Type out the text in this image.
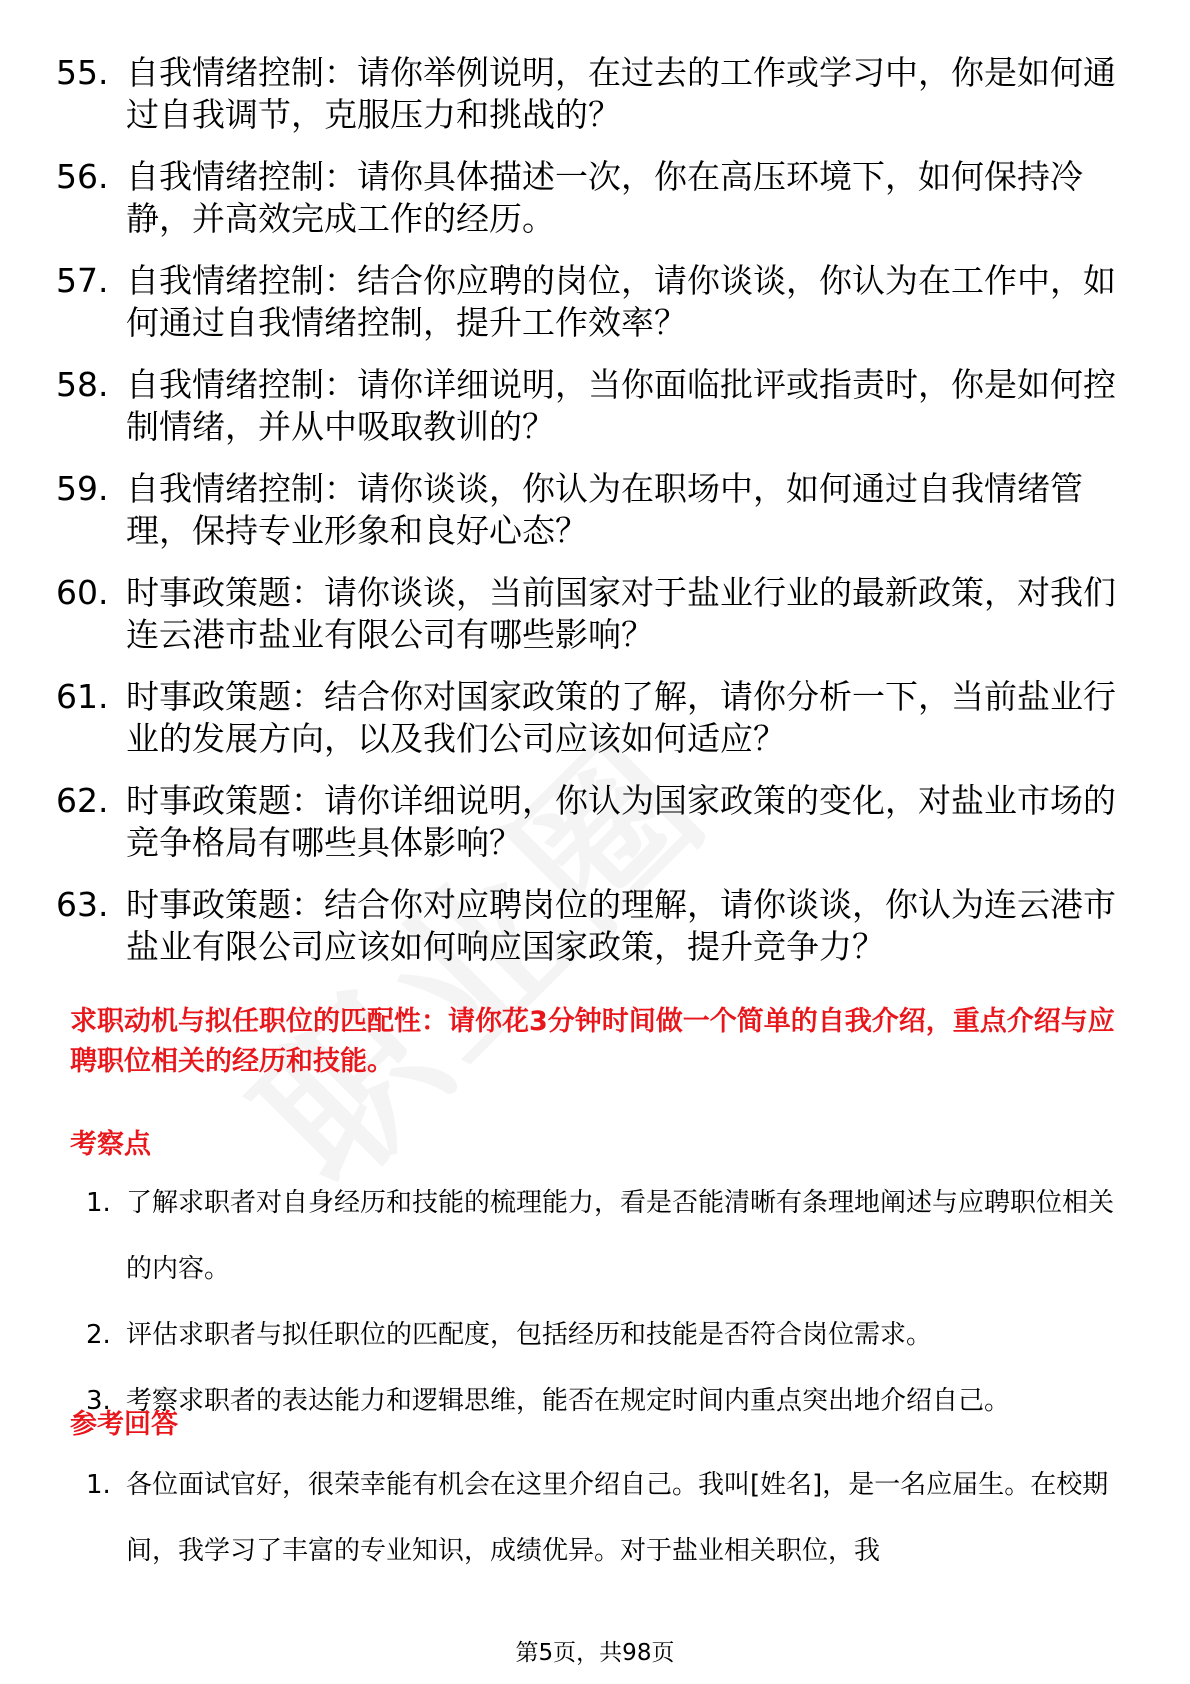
55. 自我情绪控制：请你举例说明，在过去的工作或学习中，你是如何通过自我调节，克服压力和挑战的？
56. 自我情绪控制：请你具体描述一次，你在高压环境下，如何保持冷静，并高效完成工作的经历。
57. 自我情绪控制：结合你应聘的岗位，请你谈谈，你认为在工作中，如何通过自我情绪控制，提升工作效率？
58. 自我情绪控制：请你详细说明，当你面临批评或指责时，你是如何控制情绪，并从中吸取教训的？
59. 自我情绪控制：请你谈谈，你认为在职场中，如何通过自我情绪管理，保持专业形象和良好心态？
60. 时事政策题：请你谈谈，当前国家对于盐业行业的最新政策，对我们连云港市盐业有限公司有哪些影响？
61. 时事政策题：结合你对国家政策的了解，请你分析一下，当前盐业行业的发展方向，以及我们公司应该如何适应？
62. 时事政策题：请你详细说明，你认为国家政策的变化，对盐业市场的竞争格局有哪些具体影响？
63. 时事政策题：结合你对应聘岗位的理解，请你谈谈，你认为连云港市盐业有限公司应该如何响应国家政策，提升竞争力？
求职动机与拟任职位的匹配性：请你花3分钟时间做一个简单的自我介绍，重点介绍与应聘职位相关的经历和技能。
考察点
1. 了解求职者对自身经历和技能的梳理能力，看是否能清晰有条理地阐述与应聘职位相关的内容。
2. 评估求职者与拟任职位的匹配度，包括经历和技能是否符合岗位需求。
3. 考察求职者的表达能力和逻辑思维，能否在规定时间内重点突出地介绍自己。
参考回答
1. 各位面试官好，很荣幸能有机会在这里介绍自己。我叫[姓名]，是一名应届生。在校期间，我学习了丰富的专业知识，成绩优异。对于盐业相关职位，我
第5页，共98页
